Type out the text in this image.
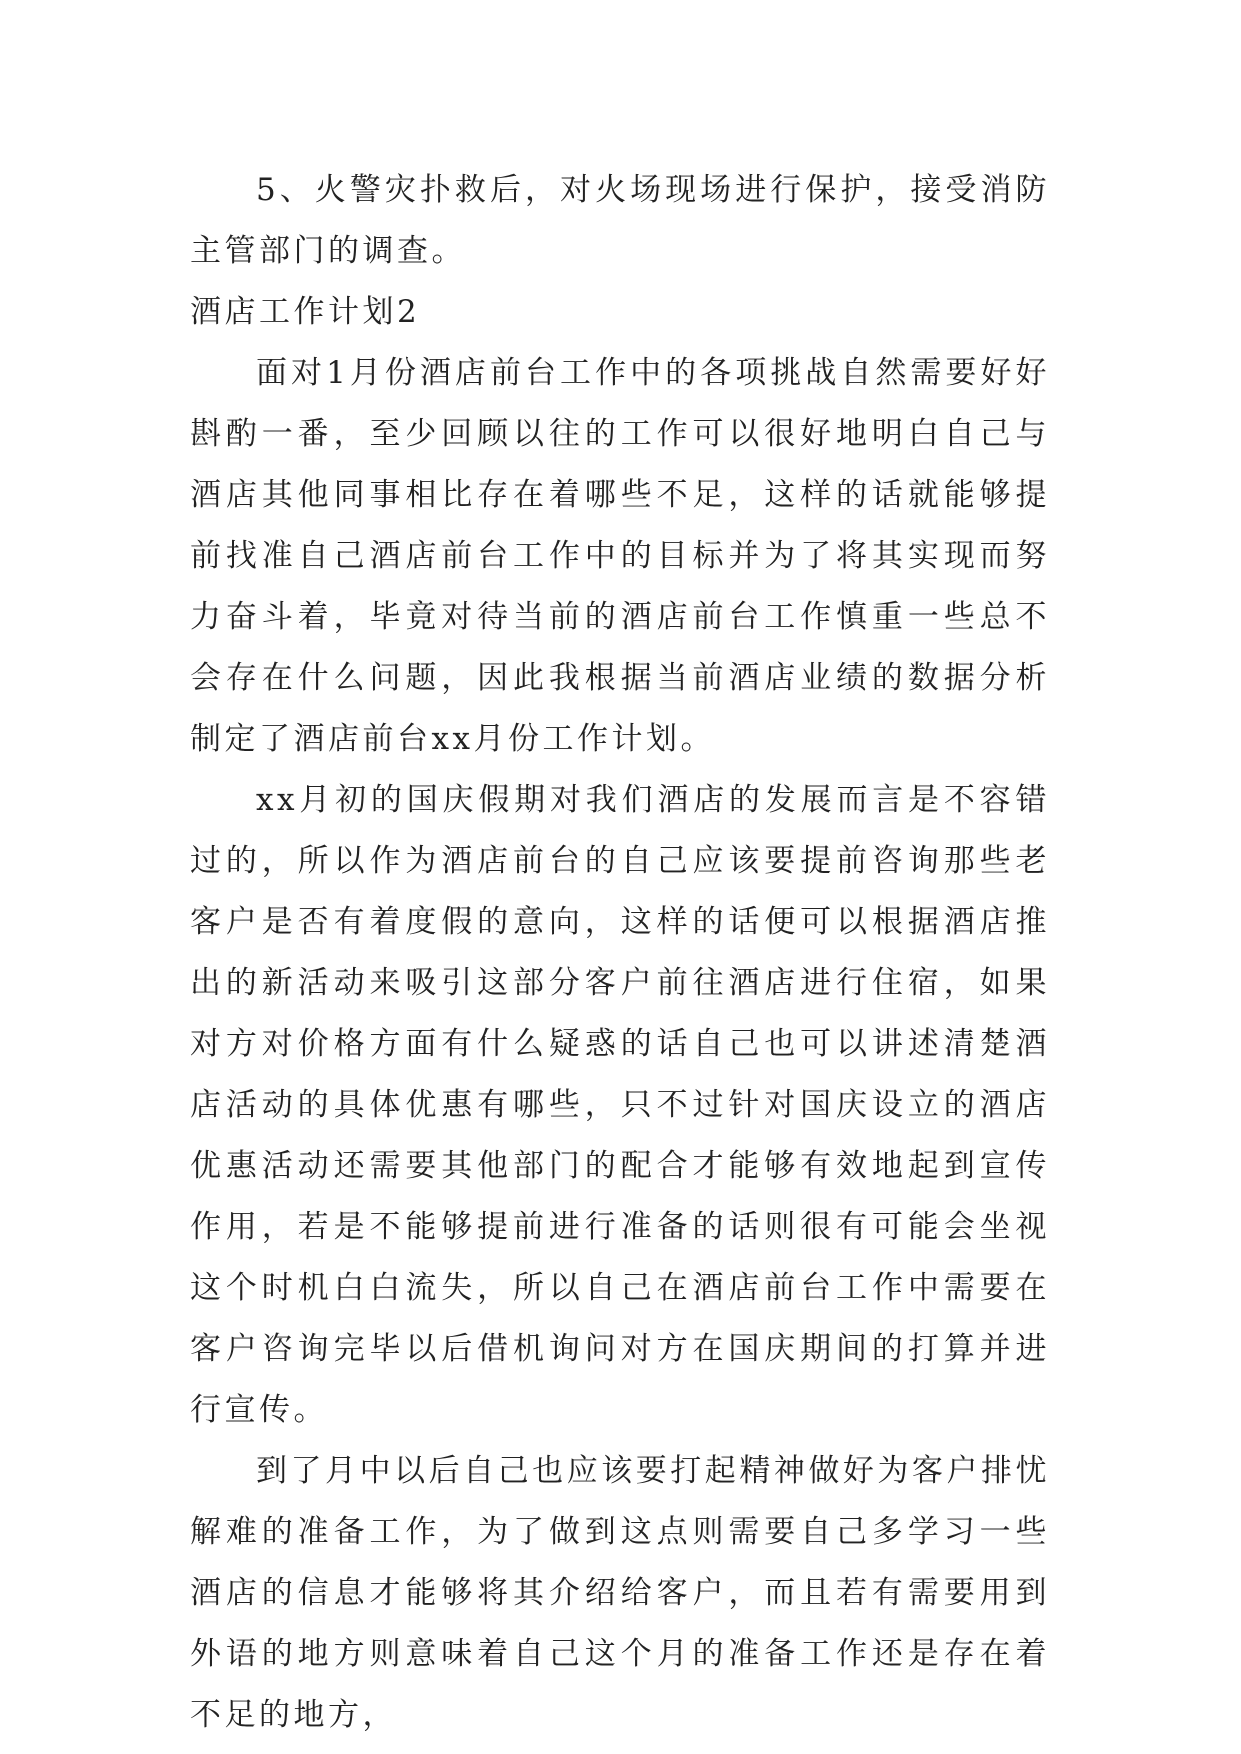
5、火警灾扑救后，对火场现场进行保护，接受消防主管部门的调查。

酒店工作计划2

面对1月份酒店前台工作中的各项挑战自然需要好好斟酌一番，至少回顾以往的工作可以很好地明白自己与酒店其他同事相比存在着哪些不足，这样的话就能够提前找准自己酒店前台工作中的目标并为了将其实现而努力奋斗着，毕竟对待当前的酒店前台工作慎重一些总不会存在什么问题，因此我根据当前酒店业绩的数据分析制定了酒店前台xx月份工作计划。

xx月初的国庆假期对我们酒店的发展而言是不容错过的，所以作为酒店前台的自己应该要提前咨询那些老客户是否有着度假的意向，这样的话便可以根据酒店推出的新活动来吸引这部分客户前往酒店进行住宿，如果对方对价格方面有什么疑惑的话自己也可以讲述清楚酒店活动的具体优惠有哪些，只不过针对国庆设立的酒店优惠活动还需要其他部门的配合才能够有效地起到宣传作用，若是不能够提前进行准备的话则很有可能会坐视这个时机白白流失，所以自己在酒店前台工作中需要在客户咨询完毕以后借机询问对方在国庆期间的打算并进行宣传。

到了月中以后自己也应该要打起精神做好为客户排忧解难的准备工作，为了做到这点则需要自己多学习一些酒店的信息才能够将其介绍给客户，而且若有需要用到外语的地方则意味着自己这个月的准备工作还是存在着不足的地方，
